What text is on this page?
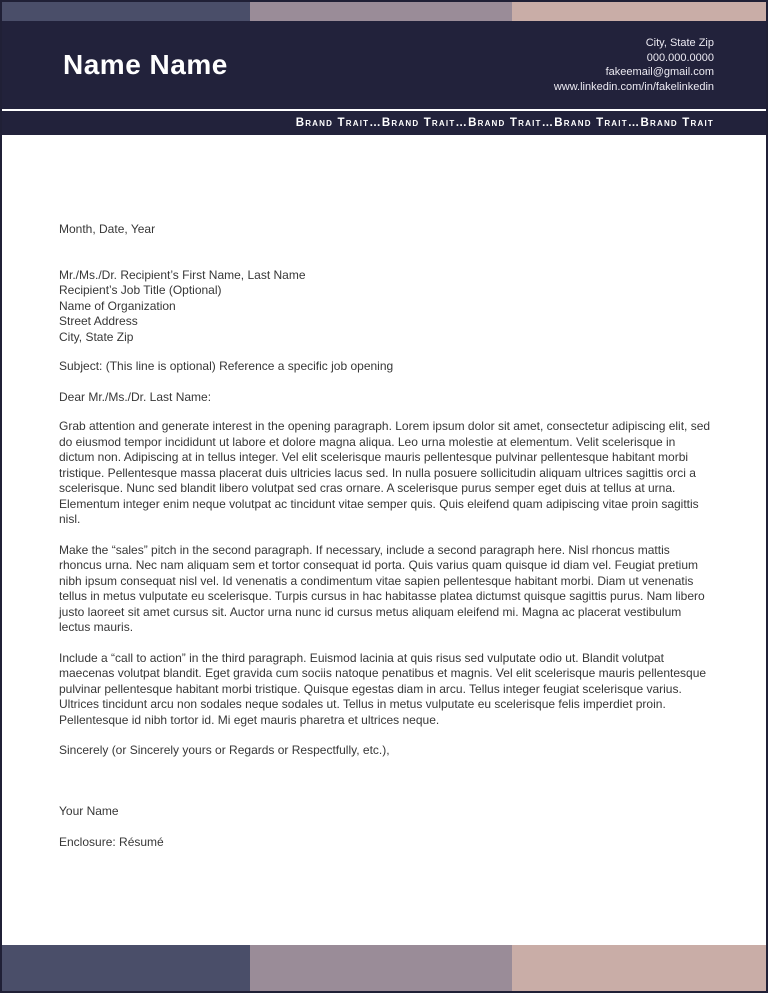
Name Name
City, State Zip
000.000.0000
fakeemail@gmail.com
www.linkedin.com/in/fakelinkedin
Brand Trait…Brand Trait…Brand Trait…Brand Trait…Brand Trait
Month, Date, Year
Mr./Ms./Dr. Recipient’s First Name, Last Name
Recipient’s Job Title (Optional)
Name of Organization
Street Address
City, State Zip
Subject: (This line is optional) Reference a specific job opening
Dear Mr./Ms./Dr. Last Name:
Grab attention and generate interest in the opening paragraph. Lorem ipsum dolor sit amet, consectetur adipiscing elit, sed do eiusmod tempor incididunt ut labore et dolore magna aliqua. Leo urna molestie at elementum. Velit scelerisque in dictum non. Adipiscing at in tellus integer. Vel elit scelerisque mauris pellentesque pulvinar pellentesque habitant morbi tristique. Pellentesque massa placerat duis ultricies lacus sed. In nulla posuere sollicitudin aliquam ultrices sagittis orci a scelerisque. Nunc sed blandit libero volutpat sed cras ornare. A scelerisque purus semper eget duis at tellus at urna. Elementum integer enim neque volutpat ac tincidunt vitae semper quis. Quis eleifend quam adipiscing vitae proin sagittis nisl.
Make the “sales” pitch in the second paragraph. If necessary, include a second paragraph here. Nisl rhoncus mattis rhoncus urna. Nec nam aliquam sem et tortor consequat id porta. Quis varius quam quisque id diam vel. Feugiat pretium nibh ipsum consequat nisl vel. Id venenatis a condimentum vitae sapien pellentesque habitant morbi. Diam ut venenatis tellus in metus vulputate eu scelerisque. Turpis cursus in hac habitasse platea dictumst quisque sagittis purus. Nam libero justo laoreet sit amet cursus sit. Auctor urna nunc id cursus metus aliquam eleifend mi. Magna ac placerat vestibulum lectus mauris.
Include a “call to action” in the third paragraph. Euismod lacinia at quis risus sed vulputate odio ut. Blandit volutpat maecenas volutpat blandit. Eget gravida cum sociis natoque penatibus et magnis. Vel elit scelerisque mauris pellentesque pulvinar pellentesque habitant morbi tristique. Quisque egestas diam in arcu. Tellus integer feugiat scelerisque varius. Ultrices tincidunt arcu non sodales neque sodales ut. Tellus in metus vulputate eu scelerisque felis imperdiet proin. Pellentesque id nibh tortor id. Mi eget mauris pharetra et ultrices neque.
Sincerely (or Sincerely yours or Regards or Respectfully, etc.),
Your Name
Enclosure: Résumé
